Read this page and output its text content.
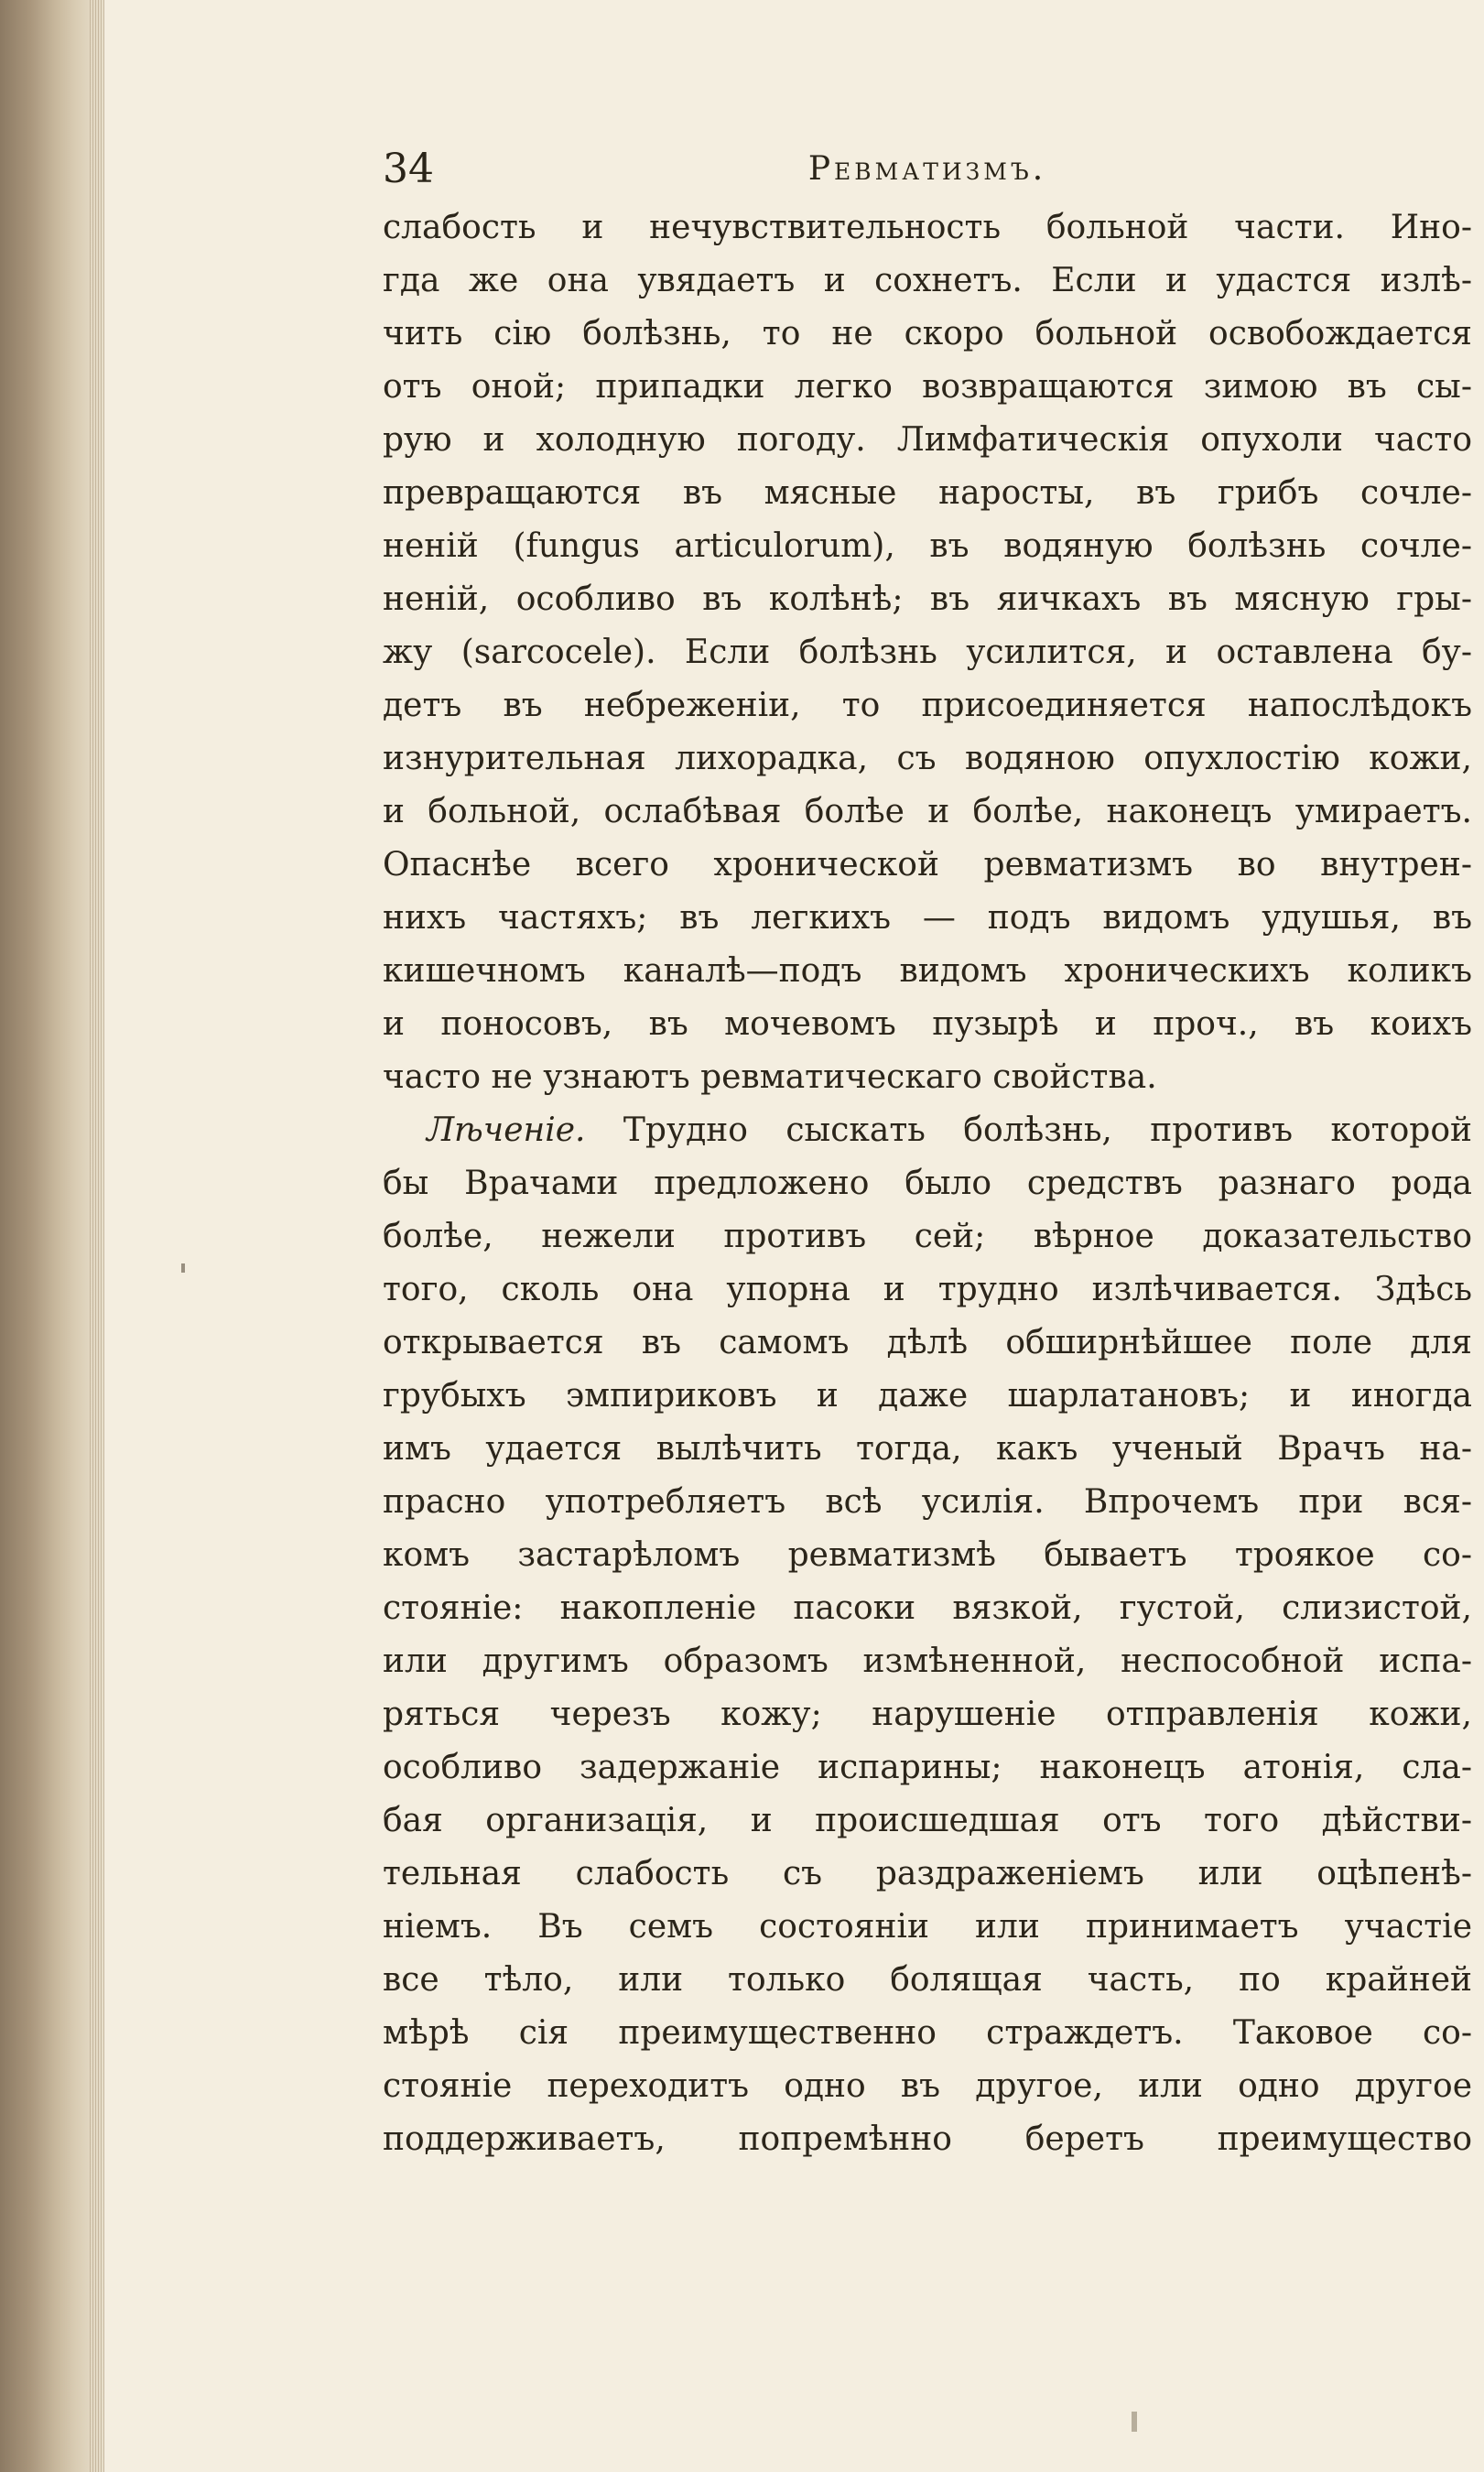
34	Ревматизмъ.
слабость и нечувствительность больной части. Ино-
гда же она увядаетъ и сохнетъ. Если и удастся излѣ-
чить сію болѣзнь, то не скоро больной освобождается
отъ оной; припадки легко возвращаются зимою въ сы-
рую и холодную погоду. Лимфатическія опухоли часто
превращаются въ мясные наросты, въ грибъ сочле-
неній (fungus articulorum), въ водяную болѣзнь сочле-
неній, особливо въ колѣнѣ; въ яичкахъ въ мясную гры-
жу (sarcocele). Если болѣзнь усилится, и оставлена бу-
детъ въ небреженіи, то присоединяется напослѣдокъ
изнурительная лихорадка, съ водяною опухлостію кожи,
и больной, ослабѣвая болѣе и болѣе, наконецъ умираетъ.
Опаснѣе всего хронической ревматизмъ во внутрен-
нихъ частяхъ; въ легкихъ — подъ видомъ удушья, въ
кишечномъ каналѣ—подъ видомъ хроническихъ коликъ
и поносовъ, въ мочевомъ пузырѣ и проч., въ коихъ
часто не узнаютъ ревматическаго свойства.
Лѣченіе. Трудно сыскать болѣзнь, противъ которой
бы Врачами предложено было средствъ разнаго рода
болѣе, нежели противъ сей; вѣрное доказательство
того, сколь она упорна и трудно излѣчивается. Здѣсь
открывается въ самомъ дѣлѣ обширнѣйшее поле для
грубыхъ эмпириковъ и даже шарлатановъ; и иногда
имъ удается вылѣчить тогда, какъ ученый Врачъ на-
прасно употребляетъ всѣ усилія. Впрочемъ при вся-
комъ застарѣломъ ревматизмѣ бываетъ троякое со-
стояніе: накопленіе пасоки вязкой, густой, слизистой,
или другимъ образомъ измѣненной, неспособной испа-
ряться черезъ кожу; нарушеніе отправленія кожи,
особливо задержаніе испарины; наконецъ атонія, сла-
бая организація, и происшедшая отъ того дѣйстви-
тельная слабость съ раздраженіемъ или оцѣпенѣ-
ніемъ. Въ семъ состояніи или принимаетъ участіе
все тѣло, или только болящая часть, по крайней
мѣрѣ сія преимущественно страждетъ. Таковое со-
стояніе переходитъ одно въ другое, или одно другое
поддерживаетъ, попремѣнно беретъ преимущество
